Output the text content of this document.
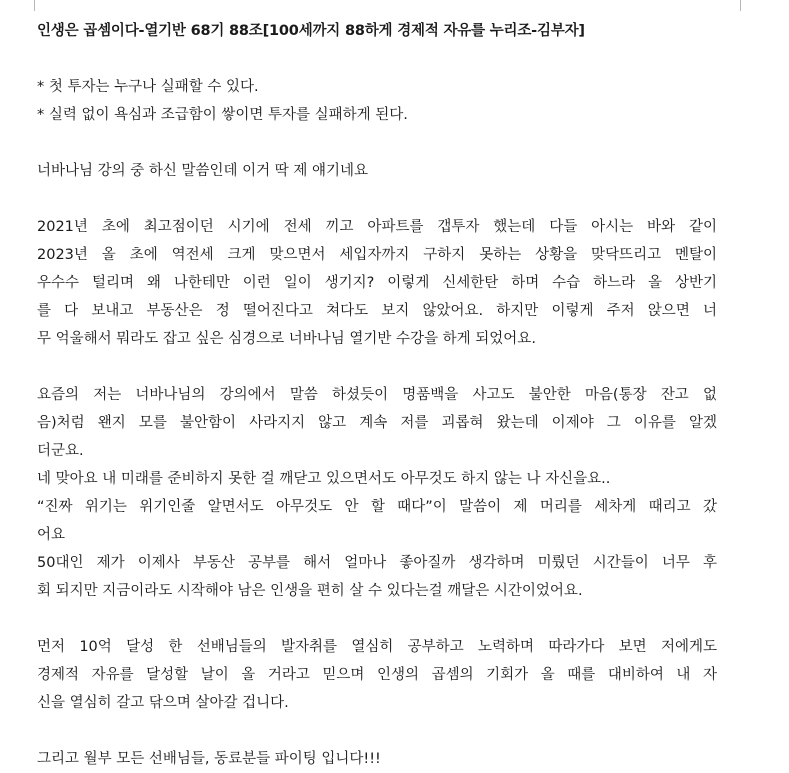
인생은 곱셈이다-열기반 68기 88조[100세까지 88하게 경제적 자유를 누리조-김부자]
* 첫 투자는 누구나 실패할 수 있다.
* 실력 없이 욕심과 조급함이 쌓이면 투자를 실패하게 된다.
너바나님 강의 중 하신 말씀인데 이거 딱 제 얘기네요
2021년 초에 최고점이던 시기에 전세 끼고 아파트를 갭투자 했는데 다들 아시는 바와 같이
2023년 올 초에 역전세 크게 맞으면서 세입자까지 구하지 못하는 상황을 맞닥뜨리고 멘탈이
우수수 털리며 왜 나한테만 이런 일이 생기지? 이렇게 신세한탄 하며 수습 하느라 올 상반기
를 다 보내고 부동산은 정 떨어진다고 쳐다도 보지 않았어요. 하지만 이렇게 주저 앉으면 너
무 억울해서 뭐라도 잡고 싶은 심경으로 너바나님 열기반 수강을 하게 되었어요.
요즘의 저는 너바나님의 강의에서 말씀 하셨듯이 명품백을 사고도 불안한 마음(통장 잔고 없
음)처럼 왠지 모를 불안함이 사라지지 않고 계속 저를 괴롭혀 왔는데 이제야 그 이유를 알겠
더군요.
네 맞아요 내 미래를 준비하지 못한 걸 깨닫고 있으면서도 아무것도 하지 않는 나 자신을요..
“진짜 위기는 위기인줄 알면서도 아무것도 안 할 때다”이 말씀이 제 머리를 세차게 때리고 갔
어요
50대인 제가 이제사 부동산 공부를 해서 얼마나 좋아질까 생각하며 미뤘던 시간들이 너무 후
회 되지만 지금이라도 시작해야 남은 인생을 편히 살 수 있다는걸 깨달은 시간이었어요.
먼저 10억 달성 한 선배님들의 발자취를 열심히 공부하고 노력하며 따라가다 보면 저에게도
경제적 자유를 달성할 날이 올 거라고 믿으며 인생의 곱셈의 기회가 올 때를 대비하여 내 자
신을 열심히 갈고 닦으며 살아갈 겁니다.
그리고 월부 모든 선배님들, 동료분들 파이팅 입니다!!!
